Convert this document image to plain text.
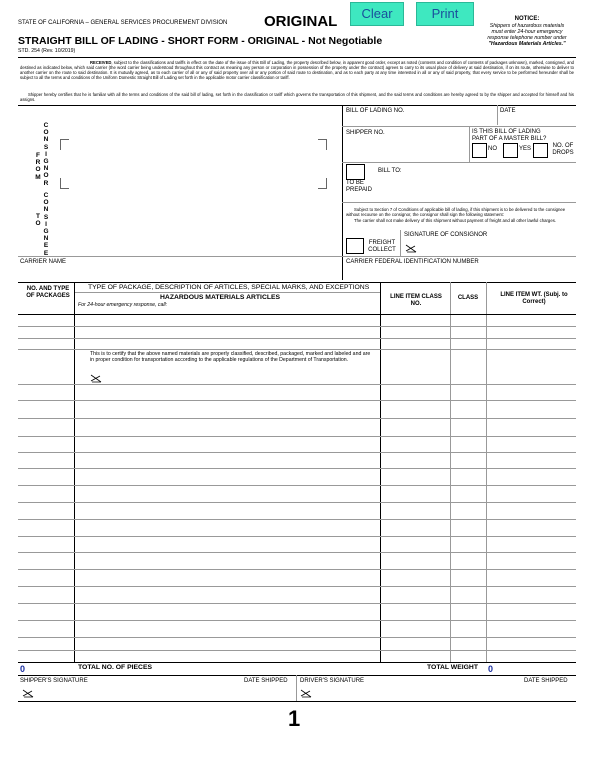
STATE OF CALIFORNIA – GENERAL SERVICES PROCUREMENT DIVISION ORIGINAL	Clear	Print
STRAIGHT BILL OF LADING - SHORT FORM - ORIGINAL - Not Negotiable
STD. 254 (Rev. 10/2019)
NOTICE:
Shippers of hazardous materials
must enter 24-hour emergency
response telephone number under
"Hazardous Materials Articles."
RECEIVED, subject to the classifications and tariffs in effect on the date of the issue of this Bill of Lading, the property described below, in apparent good order, except as noted (contents and condition of contents of packages unknown), marked, consigned, and destined as indicated below, which said carrier (the word carrier being understood throughout this contract as meaning any person or corporation in possession of the property under the contract) agrees to carry to its usual place of delivery at said destination, if on its route, otherwise to deliver to another carrier on the route to said destination. It is mutually agreed, as to each carrier of all or any of said property over all or any portion of said route to destination, and as to each party at any time interested in all or any of said property, that every service to be performed hereunder shall be subject to all the terms and conditions of the Uniform Domestic Straight Bill of Lading set forth in the applicable motor carrier classification or tariff.
Shipper hereby certifies that he is familiar with all the terms and conditions of the said bill of lading, set forth in the classification or tariff which governs the transportation of this shipment, and the said terms and conditions are hereby agreed to by the shipper and accepted for himself and his assigns.
F
R
O
M
C
O
N
S
I
G
N
O
R
T
O
C
O
N
S
I
G
N
E
E
BILL OF LADING NO.	DATE
SHIPPER NO.	IS THIS BILL OF LADING PART OF A MASTER BILL?
NO	YES	NO. OF DROPS
BILL TO:
TO BE PREPAID
Subject to Section 7 of Conditions of applicable bill of lading, if this shipment is to be delivered to the consignee without recourse on the consignor, the consignor shall sign the following statement:
The carrier shall not make delivery of this shipment without payment of freight and all other lawful charges.
SIGNATURE OF CONSIGNOR
FREIGHT COLLECT
CARRIER NAME	CARRIER FEDERAL IDENTIFICATION NUMBER
NO. AND TYPE OF PACKAGES
TYPE OF PACKAGE, DESCRIPTION OF ARTICLES, SPECIAL MARKS, AND EXCEPTIONS
HAZARDOUS MATERIALS ARTICLES
For 24-hour emergency response, call:
LINE ITEM CLASS NO.
CLASS	LINE ITEM WT. (Subj. to Correct)
This is to certify that the above named materials are properly classified, described, packaged, marked and labeled and are in proper condition for transportation according to the applicable regulations of the Department of Transportation.
0	TOTAL NO. OF PIECES	TOTAL WEIGHT 0
SHIPPER'S SIGNATURE	DATE SHIPPED DRIVER'S SIGNATURE	DATE SHIPPED
1
